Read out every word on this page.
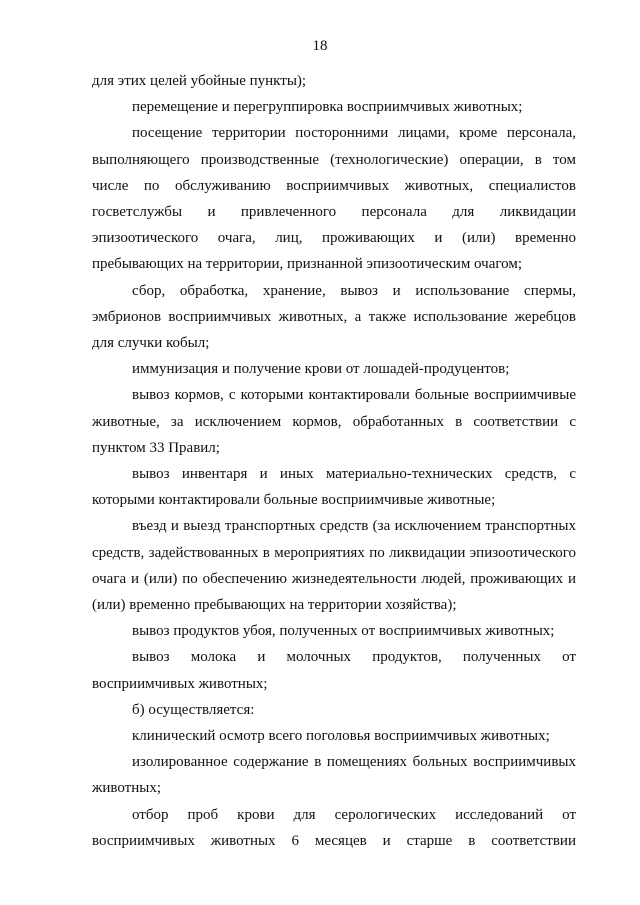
18

для этих целей убойные пункты);

перемещение и перегруппировка восприимчивых животных;

посещение территории посторонними лицами, кроме персонала, выполняющего производственные (технологические) операции, в том числе по обслуживанию восприимчивых животных, специалистов госветслужбы и привлеченного персонала для ликвидации эпизоотического очага, лиц, проживающих и (или) временно пребывающих на территории, признанной эпизоотическим очагом;

сбор, обработка, хранение, вывоз и использование спермы, эмбрионов восприимчивых животных, а также использование жеребцов для случки кобыл;

иммунизация и получение крови от лошадей-продуцентов;

вывоз кормов, с которыми контактировали больные восприимчивые животные, за исключением кормов, обработанных в соответствии с пунктом 33 Правил;

вывоз инвентаря и иных материально-технических средств, с которыми контактировали больные восприимчивые животные;

въезд и выезд транспортных средств (за исключением транспортных средств, задействованных в мероприятиях по ликвидации эпизоотического очага и (или) по обеспечению жизнедеятельности людей, проживающих и (или) временно пребывающих на территории хозяйства);

вывоз продуктов убоя, полученных от восприимчивых животных;

вывоз молока и молочных продуктов, полученных от восприимчивых животных;

б) осуществляется:

клинический осмотр всего поголовья восприимчивых животных;

изолированное содержание в помещениях больных восприимчивых животных;

отбор проб крови для серологических исследований от восприимчивых животных 6 месяцев и старше в соответствии
